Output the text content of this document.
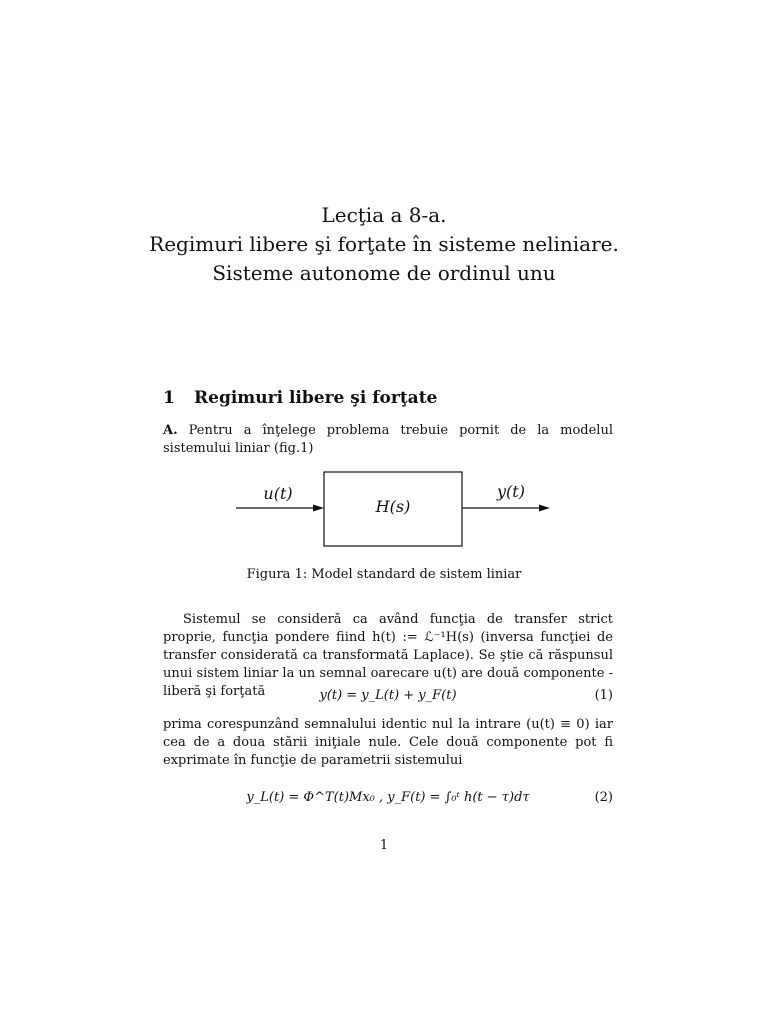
Lecţia a 8-a.
Regimuri libere şi forţate în sisteme neliniare.
Sisteme autonome de ordinul unu
1 Regimuri libere şi forţate
A. Pentru a înţelege problema trebuie pornit de la modelul sistemului liniar (fig.1)
u(t)
H(s)
y(t)
Figura 1: Model standard de sistem liniar
Sistemul se consideră ca având funcţia de transfer strict proprie, funcţia pondere fiind h(t) := ℒ⁻¹H(s) (inversa funcţiei de transfer considerată ca transformată Laplace). Se ştie că răspunsul unui sistem liniar la un semnal oarecare u(t) are două componente - liberă şi forţată	y(t) = y_L(t) + y_F(t)	(1)
prima corespunzând semnalului identic nul la intrare (u(t) ≡ 0) iar cea de a doua stării iniţiale nule. Cele două componente pot fi exprimate în funcţie de parametrii sistemului
y_L(t) = Φ^T(t)Mx₀ , y_F(t) = ∫₀ᵗ h(t − τ)dτ	(2)
1
